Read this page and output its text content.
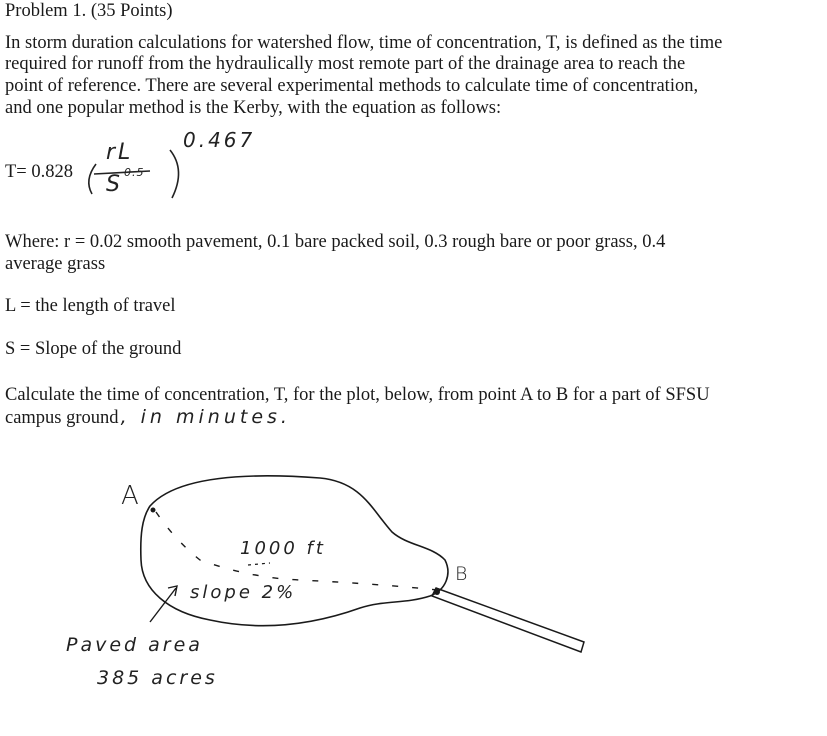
Problem 1. (35 Points)
In storm duration calculations for watershed flow, time of concentration, T, is defined as the time
required for runoff from the hydraulically most remote part of the drainage area to reach the
point of reference. There are several experimental methods to calculate time of concentration,
and one popular method is the Kerby, with the equation as follows:
T= 0.828
rL
S 0.5
0.467
Where: r = 0.02 smooth pavement, 0.1 bare packed soil, 0.3 rough bare or poor grass, 0.4
average grass
L = the length of travel
S = Slope of the ground
Calculate the time of concentration, T, for the plot, below, from point A to B for a part of SFSU
campus ground , in minutes.
A
B
1000 ft
slope 2%
Paved area
385 acres
